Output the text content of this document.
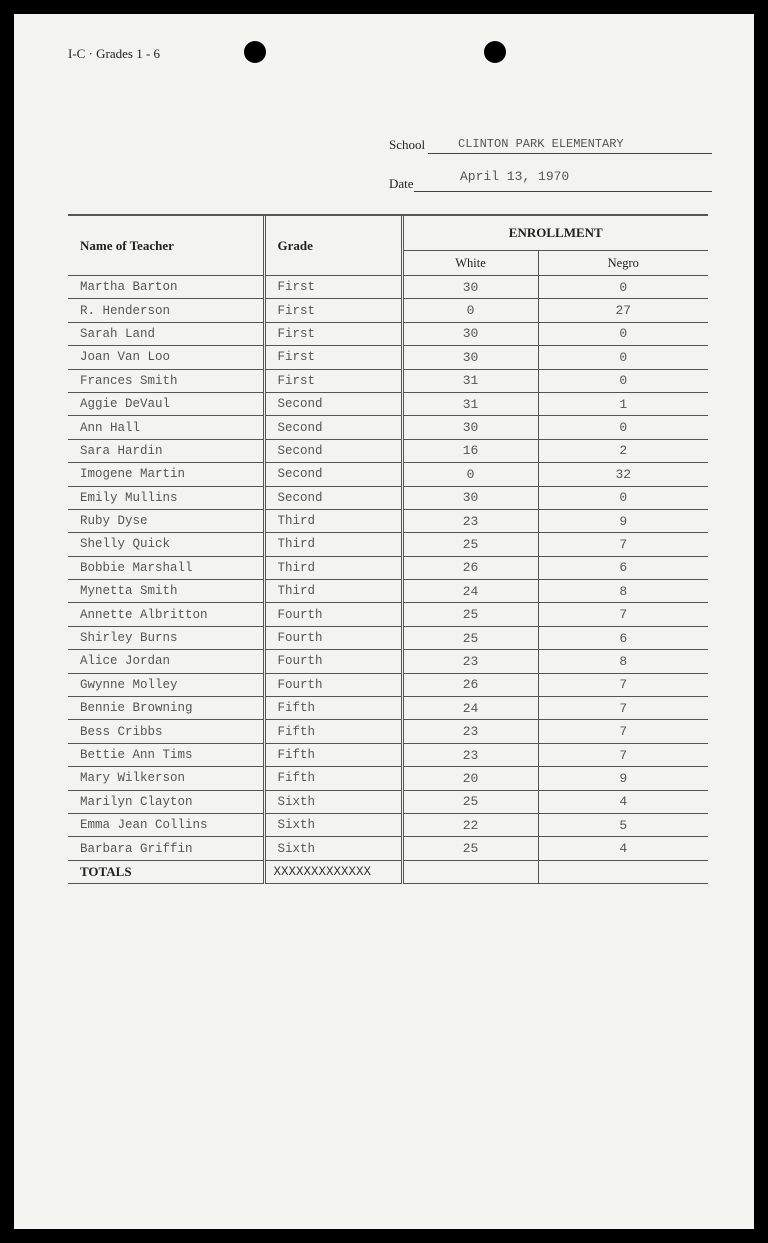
I-C · Grades 1 - 6
School	CLINTON PARK ELEMENTARY
Date	April 13, 1970
Name of Teacher	Grade	ENROLLMENT	
		White	Negro
Martha Barton	First	30	0
R. Henderson	First	0	27
Sarah Land	First	30	0
Joan Van Loo	First	30	0
Frances Smith	First	31	0
Aggie DeVaul	Second	31	1
Ann Hall	Second	30	0
Sara Hardin	Second	16	2
Imogene Martin	Second	0	32
Emily Mullins	Second	30	0
Ruby Dyse	Third	23	9
Shelly Quick	Third	25	7
Bobbie Marshall	Third	26	6
Mynetta Smith	Third	24	8
Annette Albritton	Fourth	25	7
Shirley Burns	Fourth	25	6
Alice Jordan	Fourth	23	8
Gwynne Molley	Fourth	26	7
Bennie Browning	Fifth	24	7
Bess Cribbs	Fifth	23	7
Bettie Ann Tims	Fifth	23	7
Mary Wilkerson	Fifth	20	9
Marilyn Clayton	Sixth	25	4
Emma Jean Collins	Sixth	22	5
Barbara Griffin	Sixth	25	4
TOTALS	XXXXXXXXXXXXX		
